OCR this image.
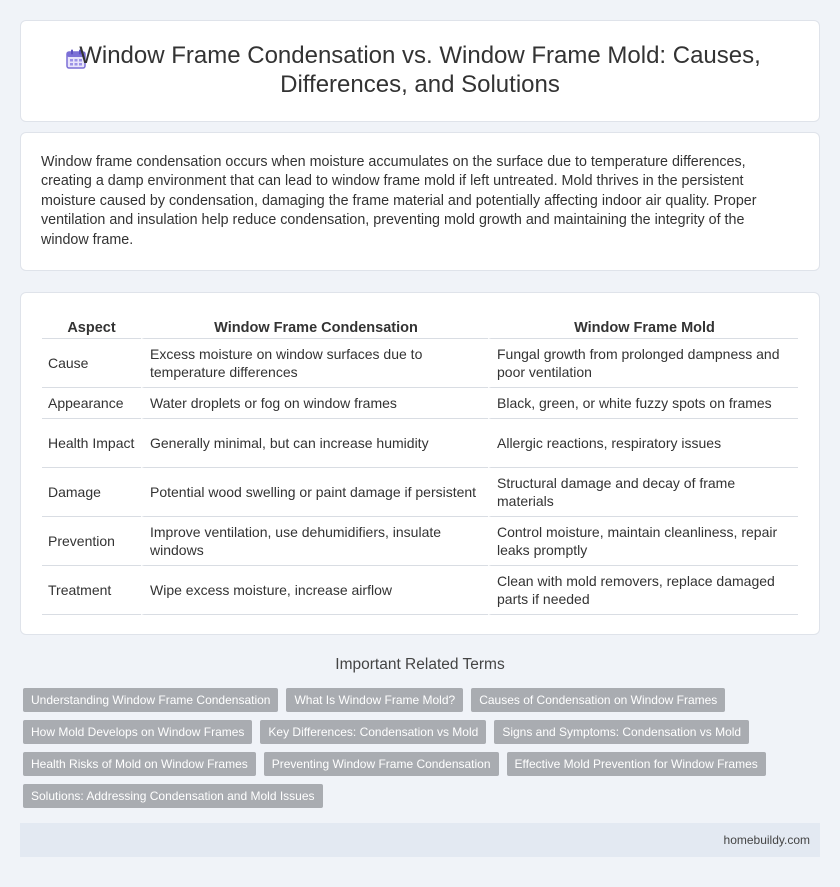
Window Frame Condensation vs. Window Frame Mold: Causes, Differences, and Solutions

Window frame condensation occurs when moisture accumulates on the surface due to temperature differences, creating a damp environment that can lead to window frame mold if left untreated. Mold thrives in the persistent moisture caused by condensation, damaging the frame material and potentially affecting indoor air quality. Proper ventilation and insulation help reduce condensation, preventing mold growth and maintaining the integrity of the window frame.

Aspect	Window Frame Condensation	Window Frame Mold
Cause	Excess moisture on window surfaces due to temperature differences	Fungal growth from prolonged dampness and poor ventilation
Appearance	Water droplets or fog on window frames	Black, green, or white fuzzy spots on frames
Health Impact	Generally minimal, but can increase humidity	Allergic reactions, respiratory issues
Damage	Potential wood swelling or paint damage if persistent	Structural damage and decay of frame materials
Prevention	Improve ventilation, use dehumidifiers, insulate windows	Control moisture, maintain cleanliness, repair leaks promptly
Treatment	Wipe excess moisture, increase airflow	Clean with mold removers, replace damaged parts if needed
Important Related Terms
Understanding Window Frame Condensation	What Is Window Frame Mold?	Causes of Condensation on Window Frames
How Mold Develops on Window Frames	Key Differences: Condensation vs Mold	Signs and Symptoms: Condensation vs Mold
Health Risks of Mold on Window Frames	Preventing Window Frame Condensation	Effective Mold Prevention for Window Frames
Solutions: Addressing Condensation and Mold Issues
homebuildy.com
